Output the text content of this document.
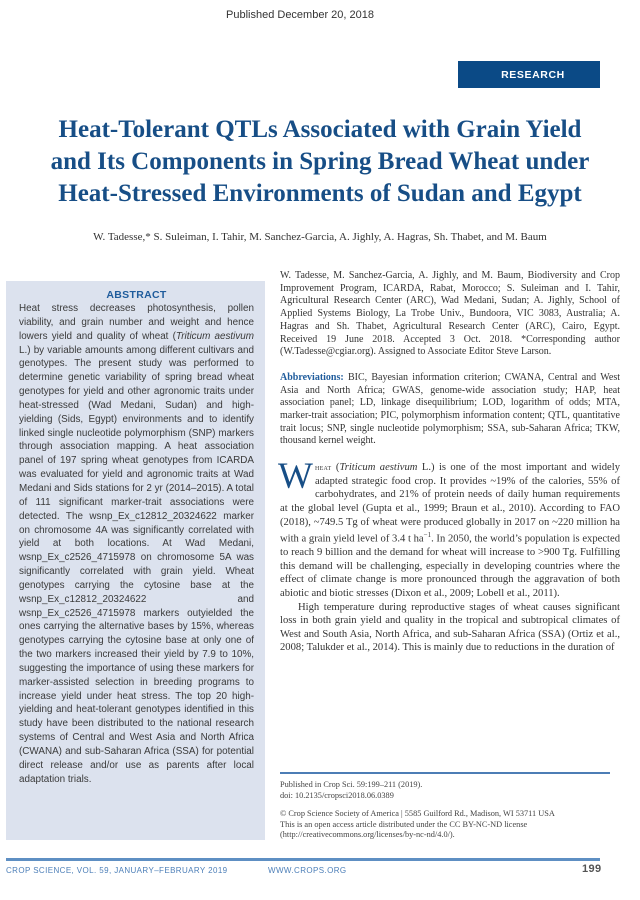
Published December 20, 2018
RESEARCH
Heat-Tolerant QTLs Associated with Grain Yield
and Its Components in Spring Bread Wheat under
Heat-Stressed Environments of Sudan and Egypt
W. Tadesse,* S. Suleiman, I. Tahir, M. Sanchez-Garcia, A. Jighly, A. Hagras, Sh. Thabet, and M. Baum
ABSTRACT

Heat stress decreases photosynthesis, pollen viability, and grain number and weight and hence lowers yield and quality of wheat (Triticum aestivum L.) by variable amounts among different cultivars and genotypes. The present study was performed to determine genetic variability of spring bread wheat genotypes for yield and other agronomic traits under heat-stressed (Wad Medani, Sudan) and high-yielding (Sids, Egypt) environments and to identify linked single nucleotide polymorphism (SNP) markers through association mapping. A heat association panel of 197 spring wheat genotypes from ICARDA was evaluated for yield and agronomic traits at Wad Medani and Sids stations for 2 yr (2014–2015). A total of 111 significant marker-trait associations were detected. The wsnp_Ex_c12812_20324622 marker on chromosome 4A was significantly correlated with yield at both locations. At Wad Medani, wsnp_Ex_c2526_4715978 on chromosome 5A was significantly correlated with grain yield. Wheat genotypes carrying the cytosine base at the wsnp_Ex_c12812_20324622 and wsnp_Ex_c2526_4715978 markers outyielded the ones carrying the alternative bases by 15%, whereas genotypes carrying the cytosine base at only one of the two markers increased their yield by 7.9 to 10%, suggesting the importance of using these markers for marker-assisted selection in breeding programs to increase yield under heat stress. The top 20 high-yielding and heat-tolerant genotypes identified in this study have been distributed to the national research systems of Central and West Asia and North Africa (CWANA) and sub-Saharan Africa (SSA) for potential direct release and/or use as parents after local adaptation trials.

W. Tadesse, M. Sanchez-Garcia, A. Jighly, and M. Baum, Biodiversity and Crop Improvement Program, ICARDA, Rabat, Morocco; S. Suleiman and I. Tahir, Agricultural Research Center (ARC), Wad Medani, Sudan; A. Jighly, School of Applied Systems Biology, La Trobe Univ., Bundoora, VIC 3083, Australia; A. Hagras and Sh. Thabet, Agricultural Research Center (ARC), Cairo, Egypt. Received 19 June 2018. Accepted 3 Oct. 2018. *Corresponding author (W.Tadesse@cgiar.org). Assigned to Associate Editor Steve Larson.

Abbreviations: BIC, Bayesian information criterion; CWANA, Central and West Asia and North Africa; GWAS, genome-wide association study; HAP, heat association panel; LD, linkage disequilibrium; LOD, logarithm of odds; MTA, marker-trait association; PIC, polymorphism information content; QTL, quantitative trait locus; SNP, single nucleotide polymorphism; SSA, sub-Saharan Africa; TKW, thousand kernel weight.

Wheat (Triticum aestivum L.) is one of the most important and widely adapted strategic food crop. It provides ~19% of the calories, 55% of carbohydrates, and 21% of protein needs of daily human requirements at the global level (Gupta et al., 1999; Braun et al., 2010). According to FAO (2018), ~749.5 Tg of wheat were produced globally in 2017 on ~220 million ha with a grain yield level of 3.4 t $ha^{-1}$. In 2050, the world’s population is expected to reach 9 billion and the demand for wheat will increase to >900 Tg. Fulfilling this demand will be challenging, especially in developing countries where the effect of climate change is more pronounced through the aggravation of both abiotic and biotic stresses (Dixon et al., 2009; Lobell et al., 2011).

High temperature during reproductive stages of wheat causes significant loss in both grain yield and quality in the tropical and subtropical climates of West and South Asia, North Africa, and sub-Saharan Africa (SSA) (Ortiz et al., 2008; Talukder et al., 2014). This is mainly due to reductions in the duration of

Published in Crop Sci. 59:199–211 (2019).

doi: 10.2135/cropsci2018.06.0389

© Crop Science Society of America | 5585 Guilford Rd., Madison, WI 53711 USA

This is an open access article distributed under the CC BY-NC-ND license

(http://creativecommons.org/licenses/by-nc-nd/4.0/).

CROP SCIENCE, VOL. 59, JANUARY–FEBRUARY 2019	WWW.CROPS.ORG	199
